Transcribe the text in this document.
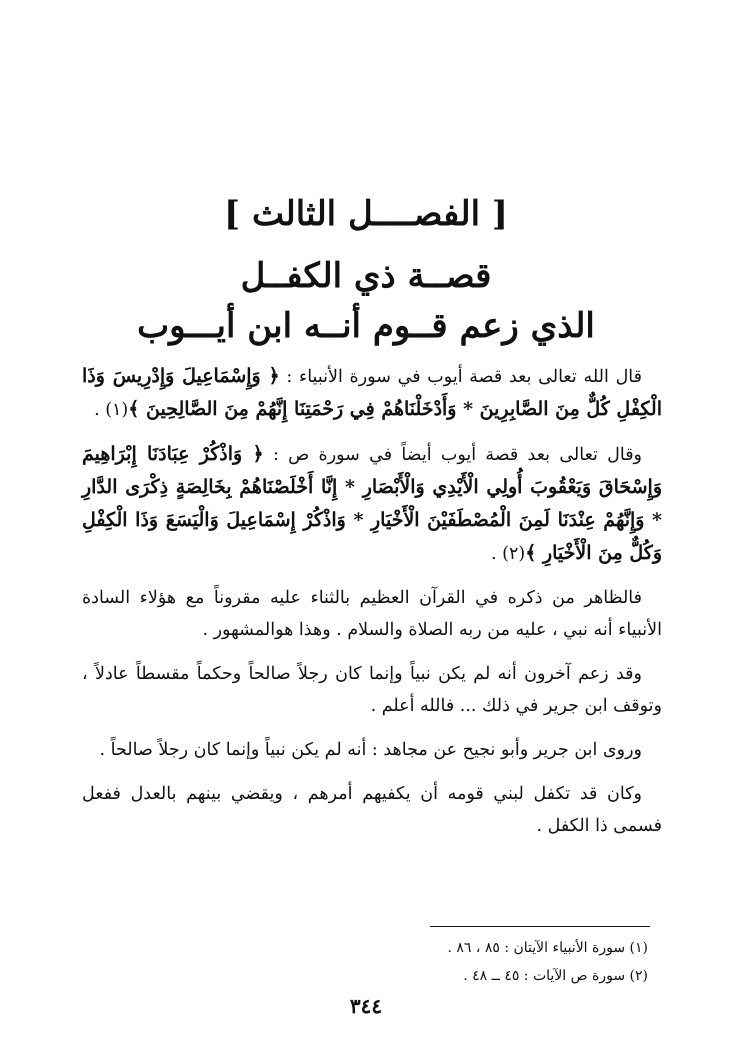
[ الفصــــل الثالث ]
قصــة ذي الكفــل
الذي زعم قــوم أنــه ابن أيـــوب

قال الله تعالى بعد قصة أيوب في سورة الأنبياء : ﴿ وَإِسْمَاعِيلَ وَإِدْرِيسَ وَذَا الْكِفْلِ كُلٌّ مِنَ الصَّابِرِينَ * وَأَدْخَلْنَاهُمْ فِي رَحْمَتِنَا إِنَّهُمْ مِنَ الصَّالِحِينَ ﴾(١) .

وقال تعالى بعد قصة أيوب أيضاً في سورة ص : ﴿ وَاذْكُرْ عِبَادَنَا إِبْرَاهِيمَ وَإِسْحَاقَ وَيَعْقُوبَ أُولِي الْأَيْدِي وَالْأَبْصَارِ * إِنَّا أَخْلَصْنَاهُمْ بِخَالِصَةٍ ذِكْرَى الدَّارِ * وَإِنَّهُمْ عِنْدَنَا لَمِنَ الْمُصْطَفَيْنَ الْأَخْيَارِ * وَاذْكُرْ إِسْمَاعِيلَ وَالْيَسَعَ وَذَا الْكِفْلِ وَكُلٌّ مِنَ الْأَخْيَارِ ﴾(٢) .

فالظاهر من ذكره في القرآن العظيم بالثناء عليه مقروناً مع هؤلاء السادة الأنبياء أنه نبي ، عليه من ربه الصلاة والسلام . وهذا هوالمشهور .

وقد زعم آخرون أنه لم يكن نبياً وإنما كان رجلاً صالحاً وحكماً مقسطاً عادلاً ، وتوقف ابن جرير في ذلك ... فالله أعلم .

وروى ابن جرير وأبو نجيح عن مجاهد : أنه لم يكن نبياً وإنما كان رجلاً صالحاً .

وكان قد تكفل لبني قومه أن يكفيهم أمرهم ، ويقضي بينهم بالعدل ففعل فسمى ذا الكفل .

(١) سورة الأنبياء الآيتان : ٨٥ ، ٨٦ .
(٢) سورة ص الآيات : ٤٥ ــ ٤٨ .
٣٤٤
